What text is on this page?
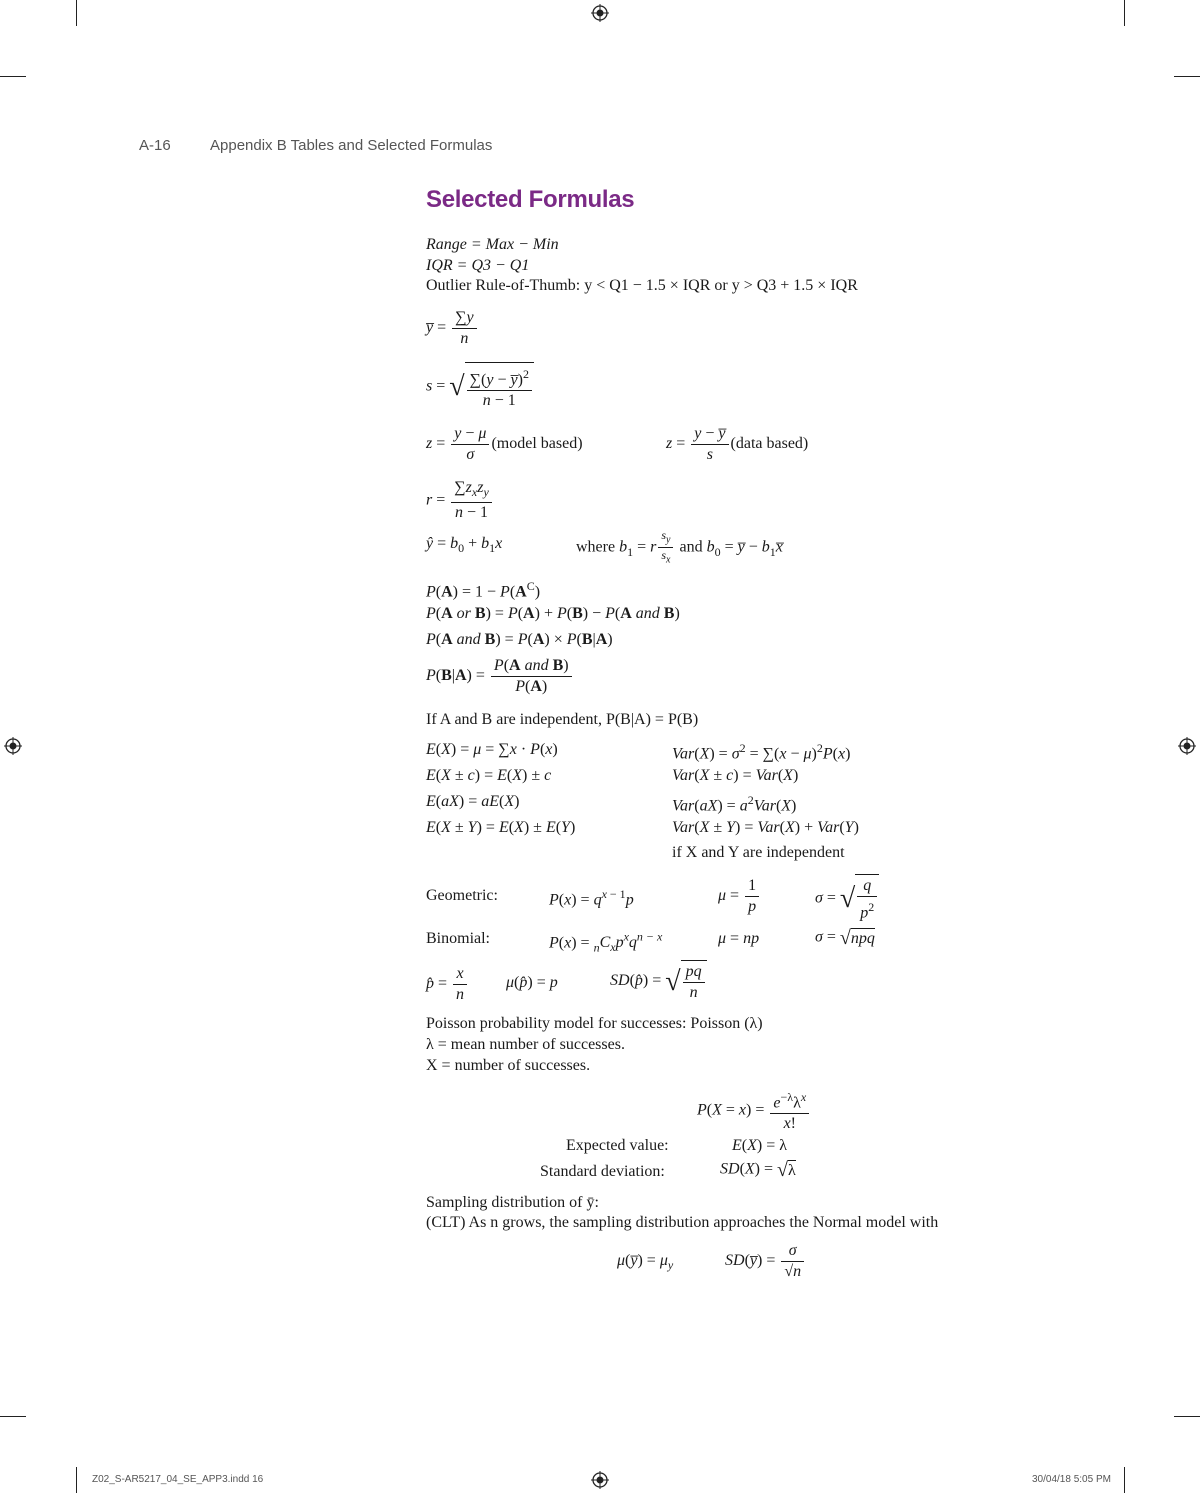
A-16	Appendix B Tables and Selected Formulas
Selected Formulas
Range = Max − Min
IQR = Q3 − Q1
Outlier Rule-of-Thumb: y < Q1 − 1.5 × IQR or y > Q3 + 1.5 × IQR
y̅ = $\frac{\sum y}{n}$
s = √ $\frac{\sum(y - y̅)^2}{n - 1}$
$z = \frac{y - \mu}{\sigma}$ (model based)	$z = \frac{y - y̅}{s}$ (data based)
$r = \frac{\sum z_xz_y}{n - 1}$
ŷ = $b_0 + b_1x$	where $b_1 = r \frac{s_y}{s_x}$ and $b_0$ = y̅ − $b_1x̅$
$P(A) = 1 - P(A^C)$
P(A or B) = P(A) + P(B) − P(A and B)
P(A and B) = P(A) × P(B|A)
$P(B|A) = \frac{\text{P(A and B)}}{P(A)}$
If A and B are independent, P(B|A) = P(B)
E(X) = μ = ∑x · P(x)	$Var(X) = \sigma^2 = \sum(x - \mu)^2P(x)$
E(X ± c) = E(X) ± c	Var(X ± c) = Var(X)
E(aX) = aE(X)	$Var(aX) = a^2Var(X)$
E(X ± Y) = E(X) ± E(Y)	Var(X ± Y) = Var(X) + Var(Y)
if X and Y are independent
Geometric:	$P(x) = q^{x - 1}p$	$\mu = \frac{1}{p}$	σ = √ $\frac{q}{p^2}$
Binomial:	$P(x) = _nC_xp^xq^{n - x}$	μ = np	σ = √ npq
p̂ = $\frac{x}{n}$ μ(p̂) = p	SD(p̂) = √ $\frac{pq}{n}$
Poisson probability model for successes: Poisson (λ)
λ = mean number of successes.
X = number of successes.
$P(X = x) = \frac{e^{-\lambda}\lambda^x}{x!}$
Expected value:	E(X) = λ
Standard deviation:	SD(X) = √ λ
Sampling distribution of ȳ:
(CLT) As n grows, the sampling distribution approaches the Normal model with
μ(y̅) = $\mu_y$	SD(y̅) = $\frac{\sigma}{√n}$
Z02_S-AR5217_04_SE_APP3.indd 16	30/04/18 5:05 PM
